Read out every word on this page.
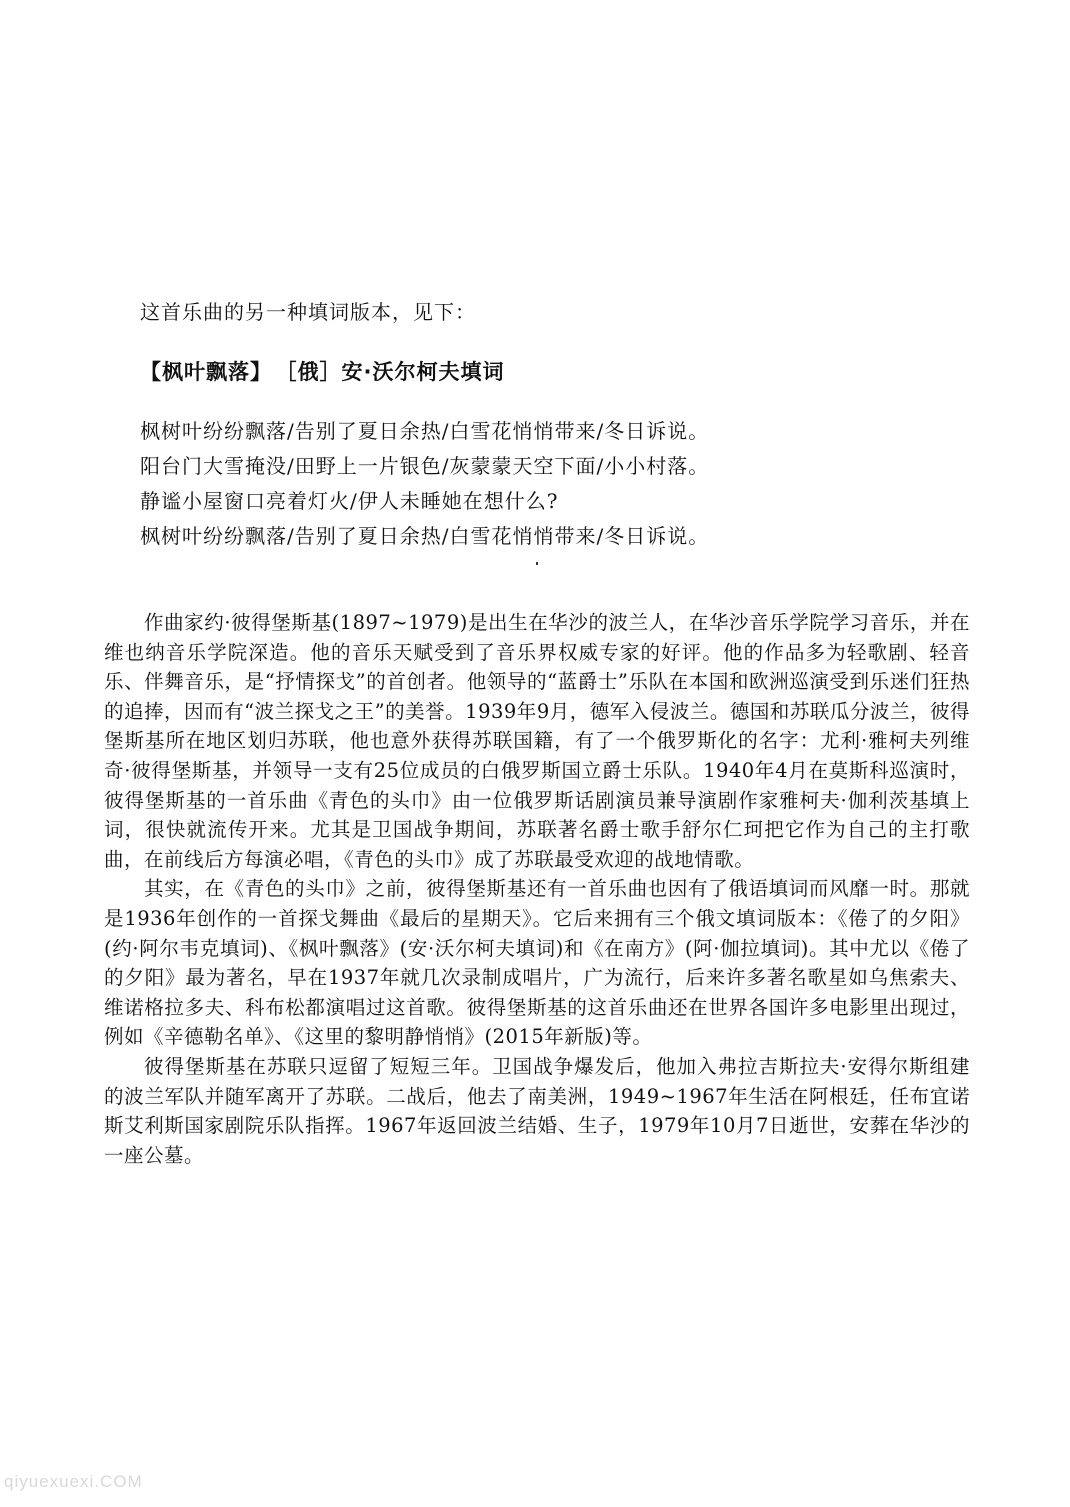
这首乐曲的另一种填词版本，见下：
【枫叶飘落】 ［俄］安·沃尔柯夫填词
枫树叶纷纷飘落/告别了夏日余热/白雪花悄悄带来/冬日诉说。
阳台门大雪掩没/田野上一片银色/灰蒙蒙天空下面/小小村落。
静谧小屋窗口亮着灯火/伊人未睡她在想什么?
枫树叶纷纷飘落/告别了夏日余热/白雪花悄悄带来/冬日诉说。

作曲家约·彼得堡斯基(1897~1979)是出生在华沙的波兰人，在华沙音乐学院学习音乐，并在维也纳音乐学院深造。他的音乐天赋受到了音乐界权威专家的好评。他的作品多为轻歌剧、轻音乐、伴舞音乐，是“抒情探戈”的首创者。他领导的“蓝爵士”乐队在本国和欧洲巡演受到乐迷们狂热的追捧，因而有“波兰探戈之王”的美誉。1939年9月，德军入侵波兰。德国和苏联瓜分波兰，彼得堡斯基所在地区划归苏联，他也意外获得苏联国籍，有了一个俄罗斯化的名字：尤利·雅柯夫列维奇·彼得堡斯基，并领导一支有25位成员的白俄罗斯国立爵士乐队。1940年4月在莫斯科巡演时，彼得堡斯基的一首乐曲《青色的头巾》由一位俄罗斯话剧演员兼导演剧作家雅柯夫·伽利茨基填上词，很快就流传开来。尤其是卫国战争期间，苏联著名爵士歌手舒尔仁珂把它作为自己的主打歌曲，在前线后方每演必唱，《青色的头巾》成了苏联最受欢迎的战地情歌。

其实，在《青色的头巾》之前，彼得堡斯基还有一首乐曲也因有了俄语填词而风靡一时。那就是1936年创作的一首探戈舞曲《最后的星期天》。它后来拥有三个俄文填词版本：《倦了的夕阳》(约·阿尔韦克填词)、《枫叶飘落》(安·沃尔柯夫填词)和《在南方》(阿·伽拉填词)。其中尤以《倦了的夕阳》最为著名，早在1937年就几次录制成唱片，广为流行，后来许多著名歌星如乌焦索夫、维诺格拉多夫、科布松都演唱过这首歌。彼得堡斯基的这首乐曲还在世界各国许多电影里出现过，例如《辛德勒名单》、《这里的黎明静悄悄》(2015年新版)等。

彼得堡斯基在苏联只逗留了短短三年。卫国战争爆发后，他加入弗拉吉斯拉夫·安得尔斯组建的波兰军队并随军离开了苏联。二战后，他去了南美洲，1949~1967年生活在阿根廷，任布宜诺斯艾利斯国家剧院乐队指挥。1967年返回波兰结婚、生子，1979年10月7日逝世，安葬在华沙的一座公墓。

qiyuexuexi.COM
